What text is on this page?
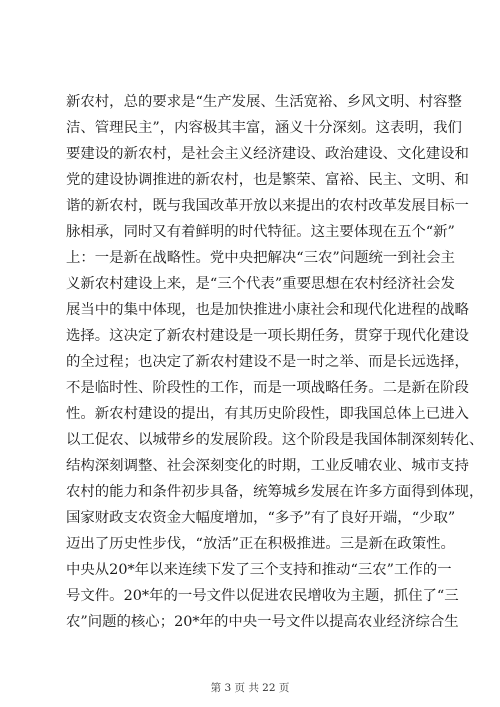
新农村，总的要求是“生产发展、生活宽裕、乡风文明、村容整
洁、管理民主”，内容极其丰富，涵义十分深刻。这表明，我们
要建设的新农村，是社会主义经济建设、政治建设、文化建设和
党的建设协调推进的新农村，也是繁荣、富裕、民主、文明、和
谐的新农村，既与我国改革开放以来提出的农村改革发展目标一
脉相承，同时又有着鲜明的时代特征。这主要体现在五个“新”
上：一是新在战略性。党中央把解决“三农”问题统一到社会主
义新农村建设上来，是“三个代表”重要思想在农村经济社会发
展当中的集中体现，也是加快推进小康社会和现代化进程的战略
选择。这决定了新农村建设是一项长期任务，贯穿于现代化建设
的全过程；也决定了新农村建设不是一时之举、而是长远选择，
不是临时性、阶段性的工作，而是一项战略任务。二是新在阶段
性。新农村建设的提出，有其历史阶段性，即我国总体上已进入
以工促农、以城带乡的发展阶段。这个阶段是我国体制深刻转化、
结构深刻调整、社会深刻变化的时期，工业反哺农业、城市支持
农村的能力和条件初步具备，统筹城乡发展在许多方面得到体现，
国家财政支农资金大幅度增加，“多予”有了良好开端，“少取”
迈出了历史性步伐，“放活”正在积极推进。三是新在政策性。
中央从20*年以来连续下发了三个支持和推动“三农”工作的一
号文件。20*年的一号文件以促进农民增收为主题，抓住了“三
农”问题的核心；20*年的中央一号文件以提高农业经济综合生
第 3 页 共 22 页
